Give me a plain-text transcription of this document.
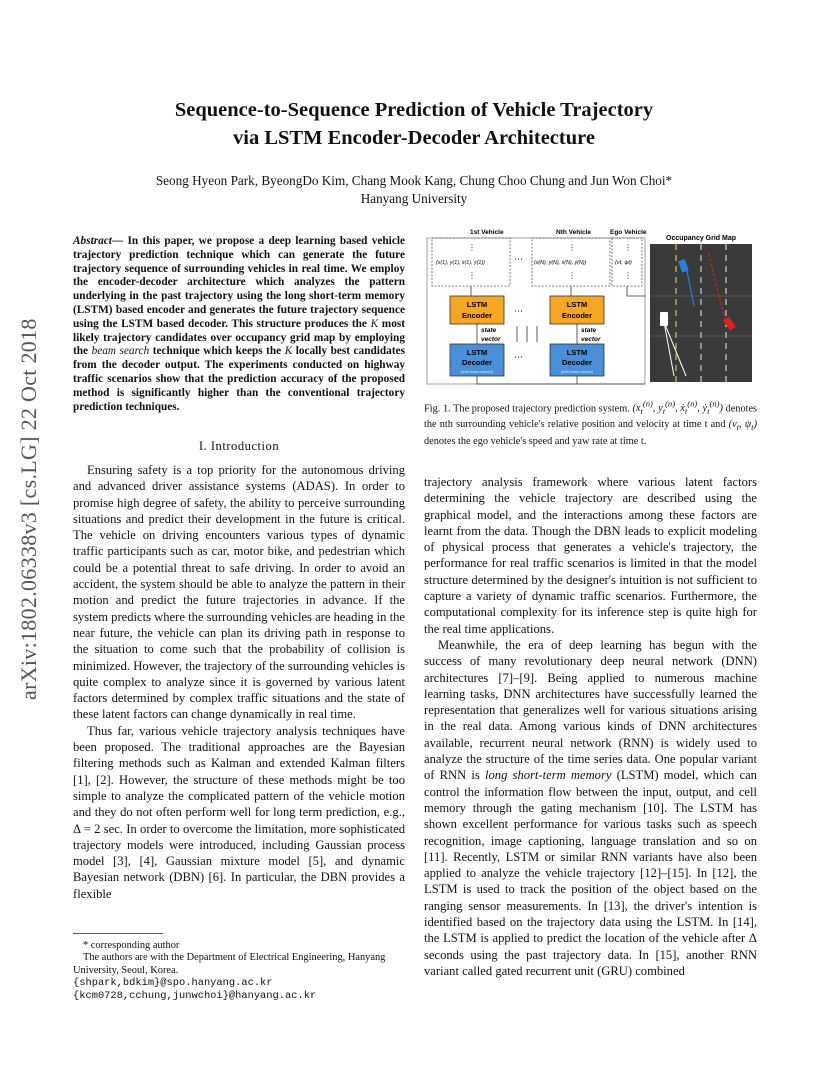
arXiv:1802.06338v3 [cs.LG] 22 Oct 2018
Sequence-to-Sequence Prediction of Vehicle Trajectory
via LSTM Encoder-Decoder Architecture
Seong Hyeon Park, ByeongDo Kim, Chang Mook Kang, Chung Choo Chung and Jun Won Choi*
Hanyang University
Abstract— In this paper, we propose a deep learning based vehicle trajectory prediction technique which can generate the future trajectory sequence of surrounding vehicles in real time. We employ the encoder-decoder architecture which analyzes the pattern underlying in the past trajectory using the long short-term memory (LSTM) based encoder and generates the future trajectory sequence using the LSTM based decoder. This structure produces the K most likely trajectory candidates over occupancy grid map by employing the beam search technique which keeps the K locally best candidates from the decoder output. The experiments conducted on highway traffic scenarios show that the prediction accuracy of the proposed method is significantly higher than the conventional trajectory prediction techniques.
I. Introduction

Ensuring safety is a top priority for the autonomous driving and advanced driver assistance systems (ADAS). In order to promise high degree of safety, the ability to perceive surrounding situations and predict their development in the future is critical. The vehicle on driving encounters various types of dynamic traffic participants such as car, motor bike, and pedestrian which could be a potential threat to safe driving. In order to avoid an accident, the system should be able to analyze the pattern in their motion and predict the future trajectories in advance. If the system predicts where the surrounding vehicles are heading in the near future, the vehicle can plan its driving path in response to the situation to come such that the probability of collision is minimized. However, the trajectory of the surrounding vehicles is quite complex to analyze since it is governed by various latent factors determined by complex traffic situations and the state of these latent factors can change dynamically in real time.

Thus far, various vehicle trajectory analysis techniques have been proposed. The traditional approaches are the Bayesian filtering methods such as Kalman and extended Kalman filters [1], [2]. However, the structure of these methods might be too simple to analyze the complicated pattern of the vehicle motion and they do not often perform well for long term prediction, e.g., Δ = 2 sec. In order to overcome the limitation, more sophisticated trajectory models were introduced, including Gaussian process model [3], [4], Gaussian mixture model [5], and dynamic Bayesian network (DBN) [6]. In particular, the DBN provides a flexible

* corresponding author
The authors are with the Department of Electrical Engineering, Hanyang University, Seoul, Korea.
{shpark,bdkim}@spo.hanyang.ac.kr
{kcm0728,cchung,junwchoi}@hanyang.ac.kr
1st Vehicle	Nth Vehicle	Ego Vehicle
Occupancy Grid Map
⋮	⋮	⋮
(x(1), y(1), ẋ(1), ẏ(1))	(x(N), y(N), ẋ(N), ẏ(N))	(vt, ψt)
⋮	⋮	⋮
⋯
LSTM
Encoder
LSTM
Encoder
⋯
state
vector
state
vector
LSTM
Decoder
(with beam search)
LSTM
Decoder
(with beam search)
⋯
Fig. 1. The proposed trajectory prediction system. ($x_t^{(n)}$, $y_t^{(n)}$, ẋ$_t^{(n)}$, ẏ$_t^{(n)}$) denotes the nth surrounding vehicle's relative position and velocity at time t and ($v_t$, $\psi_t$) denotes the ego vehicle's speed and yaw rate at time t.

trajectory analysis framework where various latent factors determining the vehicle trajectory are described using the graphical model, and the interactions among these factors are learnt from the data. Though the DBN leads to explicit modeling of physical process that generates a vehicle's trajectory, the performance for real traffic scenarios is limited in that the model structure determined by the designer's intuition is not sufficient to capture a variety of dynamic traffic scenarios. Furthermore, the computational complexity for its inference step is quite high for the real time applications.

Meanwhile, the era of deep learning has begun with the success of many revolutionary deep neural network (DNN) architectures [7]–[9]. Being applied to numerous machine learning tasks, DNN architectures have successfully learned the representation that generalizes well for various situations arising in the real data. Among various kinds of DNN architectures available, recurrent neural network (RNN) is widely used to analyze the structure of the time series data. One popular variant of RNN is long short-term memory (LSTM) model, which can control the information flow between the input, output, and cell memory through the gating mechanism [10]. The LSTM has shown excellent performance for various tasks such as speech recognition, image captioning, language translation and so on [11]. Recently, LSTM or similar RNN variants have also been applied to analyze the vehicle trajectory [12]–[15]. In [12], the LSTM is used to track the position of the object based on the ranging sensor measurements. In [13], the driver's intention is identified based on the trajectory data using the LSTM. In [14], the LSTM is applied to predict the location of the vehicle after Δ seconds using the past trajectory data. In [15], another RNN variant called gated recurrent unit (GRU) combined
